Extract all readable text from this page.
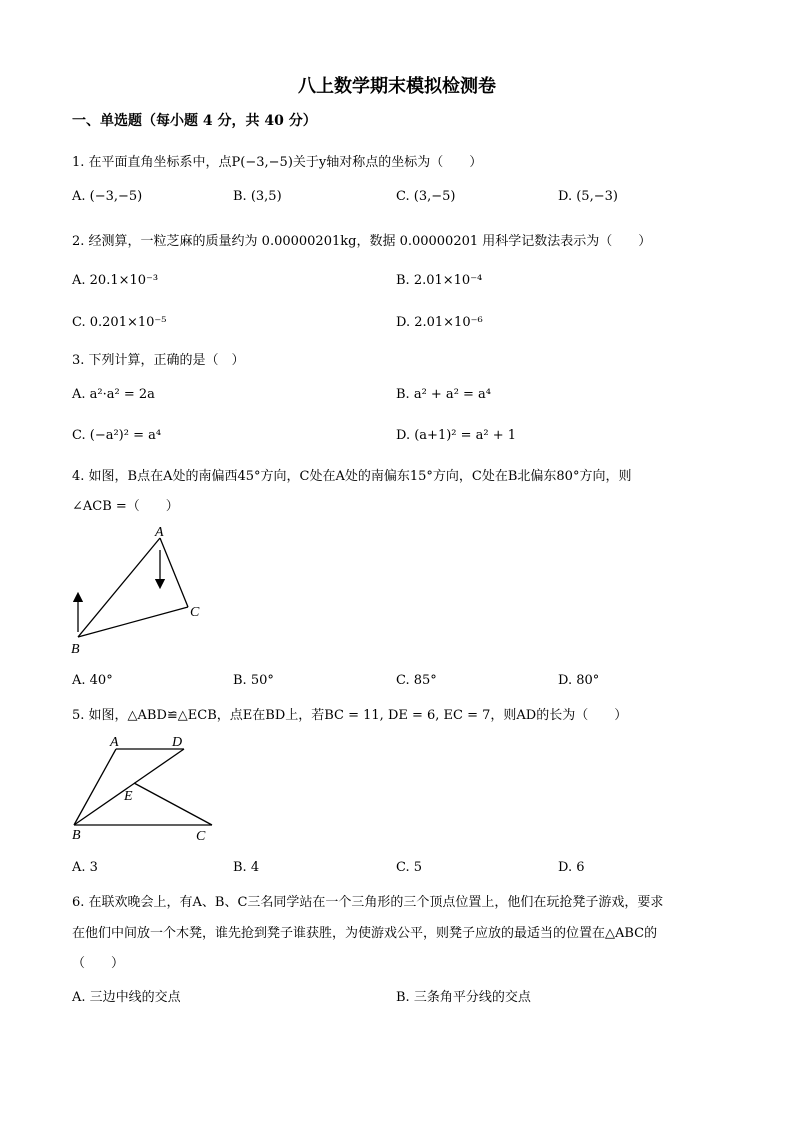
八上数学期末模拟检测卷
一、单选题（每小题 4 分，共 40 分）
1. 在平面直角坐标系中，点P(−3,−5)关于y轴对称点的坐标为（　　）
A. (−3,−5)	B. (3,5)	C. (3,−5)	D. (5,−3)
2. 经测算，一粒芝麻的质量约为 0.00000201kg，数据 0.00000201 用科学记数法表示为（　　）
A. 20.1×10⁻³	B. 2.01×10⁻⁴
C. 0.201×10⁻⁵	D. 2.01×10⁻⁶
3. 下列计算，正确的是（　）
A. a²·a² = 2a	B. a² + a² = a⁴
C. (−a²)² = a⁴	D. (a+1)² = a² + 1
4. 如图，B点在A处的南偏西45°方向，C处在A处的南偏东15°方向，C处在B北偏东80°方向，则
∠ACB =（　　）
A
B
C
A. 40°	B. 50°	C. 85°	D. 80°
5. 如图，△ABD≌△ECB，点E在BD上，若BC = 11, DE = 6, EC = 7，则AD的长为（　　）
A	D
E
B	C
A. 3	B. 4	C. 5	D. 6
6. 在联欢晚会上，有A、B、C三名同学站在一个三角形的三个顶点位置上，他们在玩抢凳子游戏，要求
在他们中间放一个木凳，谁先抢到凳子谁获胜，为使游戏公平，则凳子应放的最适当的位置在△ABC的
（　　）
A. 三边中线的交点	B. 三条角平分线的交点
